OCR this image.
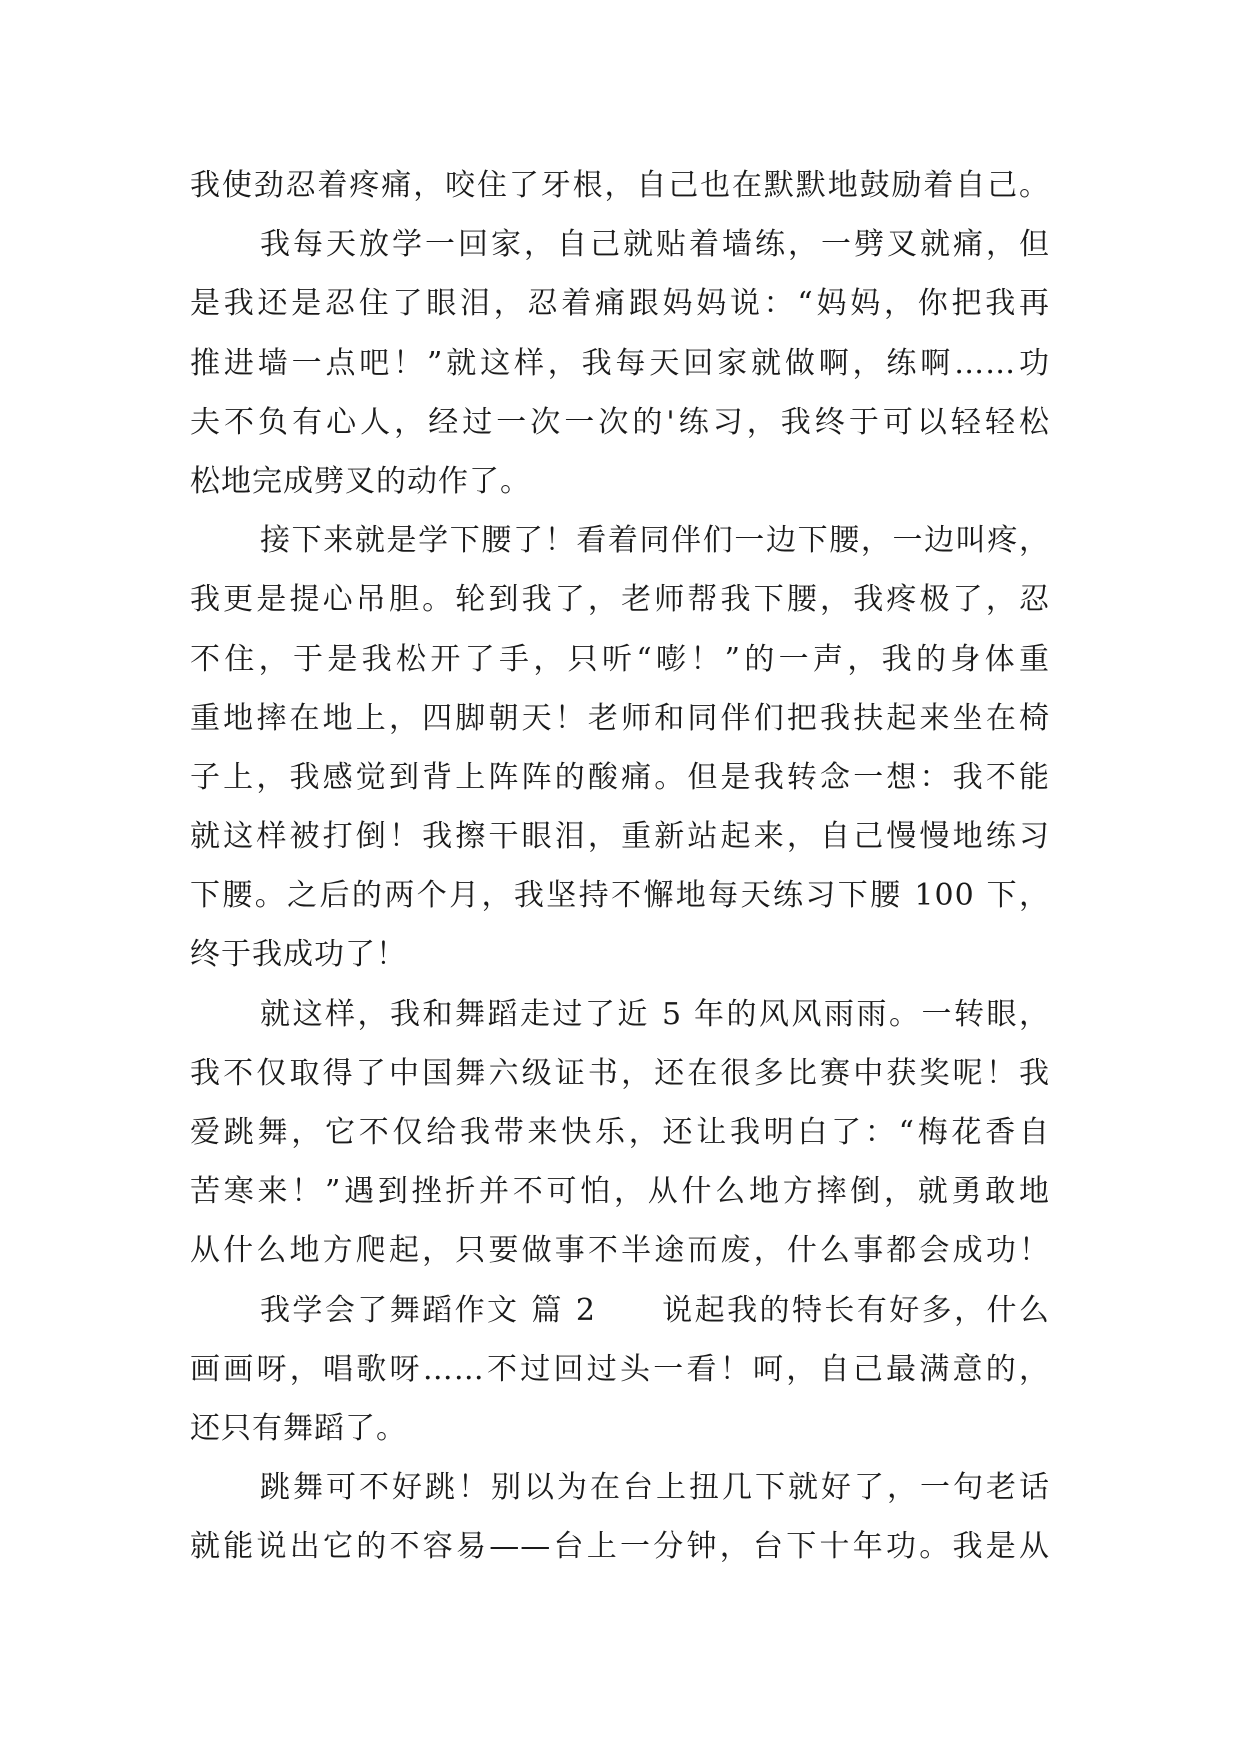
我使劲忍着疼痛，咬住了牙根，自己也在默默地鼓励着自己。
我每天放学一回家，自己就贴着墙练，一劈叉就痛，但
是我还是忍住了眼泪，忍着痛跟妈妈说：“妈妈，你把我再
推进墙一点吧！”就这样，我每天回家就做啊，练啊……功
夫不负有心人，经过一次一次的'练习，我终于可以轻轻松
松地完成劈叉的动作了。
接下来就是学下腰了！看着同伴们一边下腰，一边叫疼，
我更是提心吊胆。轮到我了，老师帮我下腰，我疼极了，忍
不住，于是我松开了手，只听“嘭！”的一声，我的身体重
重地摔在地上，四脚朝天！老师和同伴们把我扶起来坐在椅
子上，我感觉到背上阵阵的酸痛。但是我转念一想：我不能
就这样被打倒！我擦干眼泪，重新站起来，自己慢慢地练习
下腰。之后的两个月，我坚持不懈地每天练习下腰 100 下，
终于我成功了！
就这样，我和舞蹈走过了近 5 年的风风雨雨。一转眼，
我不仅取得了中国舞六级证书，还在很多比赛中获奖呢！我
爱跳舞，它不仅给我带来快乐，还让我明白了：“梅花香自
苦寒来！”遇到挫折并不可怕，从什么地方摔倒，就勇敢地
从什么地方爬起，只要做事不半途而废，什么事都会成功！
我学会了舞蹈作文 篇 2　　说起我的特长有好多，什么
画画呀，唱歌呀……不过回过头一看！呵，自己最满意的，
还只有舞蹈了。
跳舞可不好跳！别以为在台上扭几下就好了，一句老话
就能说出它的不容易——台上一分钟，台下十年功。我是从
